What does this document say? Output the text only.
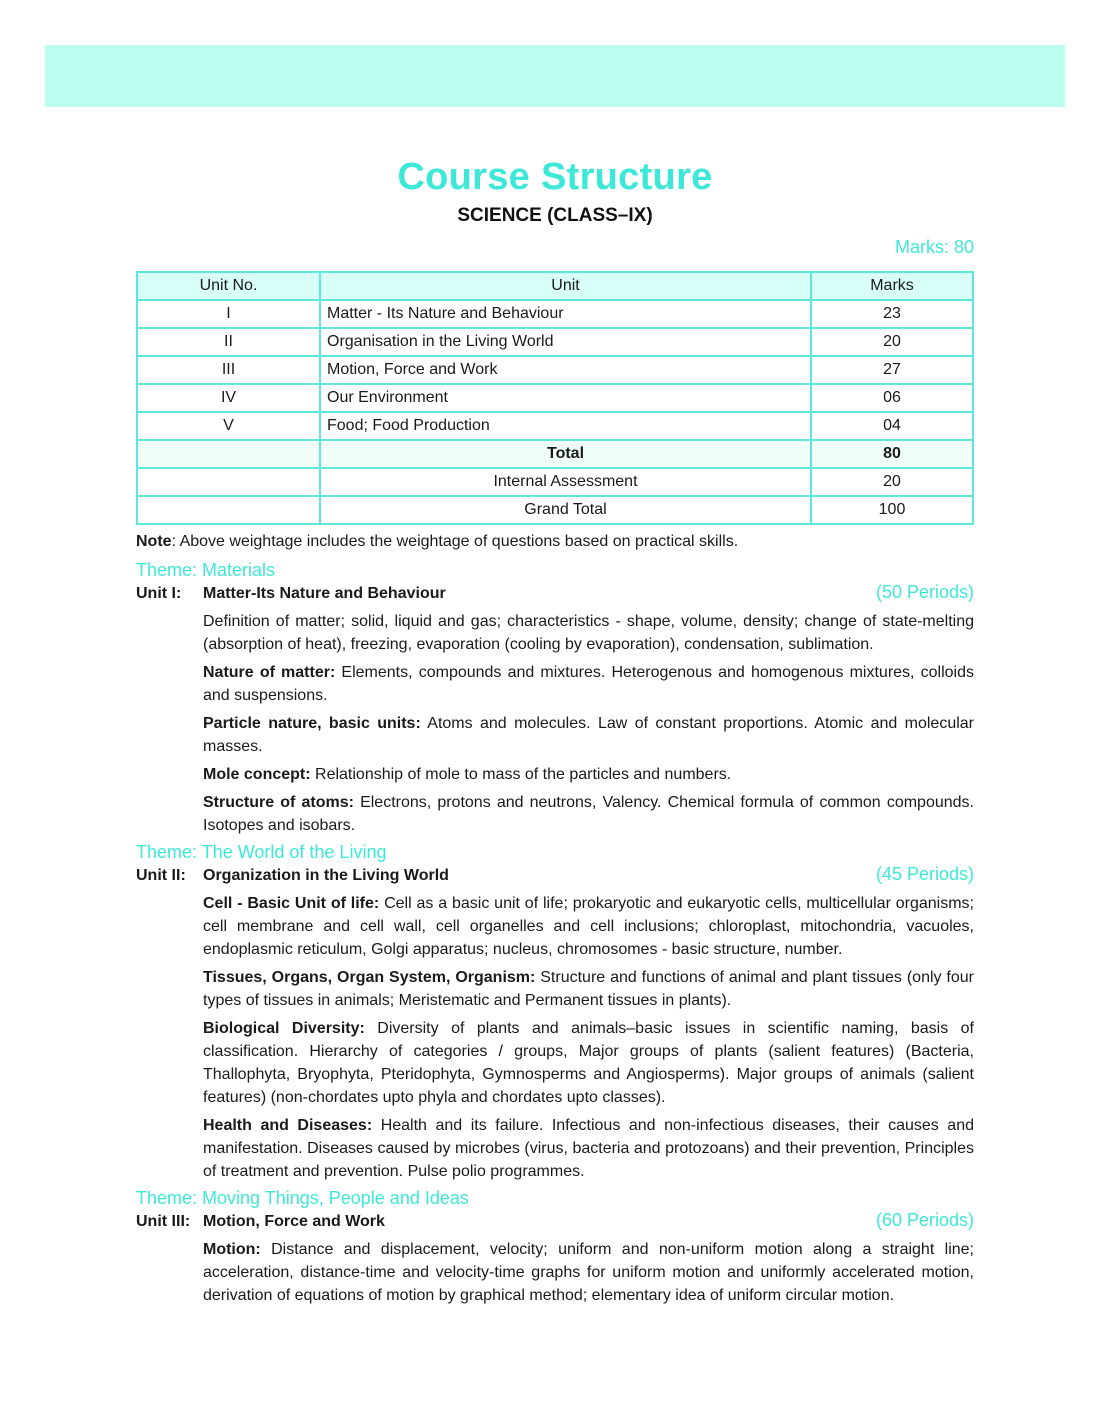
Course Structure
SCIENCE (CLASS–IX)
Marks: 80
Unit No.	Unit	Marks
I	Matter - Its Nature and Behaviour	23
II	Organisation in the Living World	20
III	Motion, Force and Work	27
IV	Our Environment	06
V	Food; Food Production	04
	Total	80
	Internal Assessment	20
	Grand Total	100

Note: Above weightage includes the weightage of questions based on practical skills.

Theme: Materials
Unit I:	Matter-Its Nature and Behaviour	(50 Periods)

Definition of matter; solid, liquid and gas; characteristics - shape, volume, density; change of state-melting (absorption of heat), freezing, evaporation (cooling by evaporation), condensation, sublimation.

Nature of matter: Elements, compounds and mixtures. Heterogenous and homogenous mixtures, colloids and suspensions.

Particle nature, basic units: Atoms and molecules. Law of constant proportions. Atomic and molecular masses.

Mole concept: Relationship of mole to mass of the particles and numbers.

Structure of atoms: Electrons, protons and neutrons, Valency. Chemical formula of common compounds. Isotopes and isobars.

Theme: The World of the Living
Unit II:	Organization in the Living World	(45 Periods)

Cell - Basic Unit of life: Cell as a basic unit of life; prokaryotic and eukaryotic cells, multicellular organisms; cell membrane and cell wall, cell organelles and cell inclusions; chloroplast, mitochondria, vacuoles, endoplasmic reticulum, Golgi apparatus; nucleus, chromosomes - basic structure, number.

Tissues, Organs, Organ System, Organism: Structure and functions of animal and plant tissues (only four types of tissues in animals; Meristematic and Permanent tissues in plants).

Biological Diversity: Diversity of plants and animals–basic issues in scientific naming, basis of classification. Hierarchy of categories / groups, Major groups of plants (salient features) (Bacteria, Thallophyta, Bryophyta, Pteridophyta, Gymnosperms and Angiosperms). Major groups of animals (salient features) (non-chordates upto phyla and chordates upto classes).

Health and Diseases: Health and its failure. Infectious and non-infectious diseases, their causes and manifestation. Diseases caused by microbes (virus, bacteria and protozoans) and their prevention, Principles of treatment and prevention. Pulse polio programmes.

Theme: Moving Things, People and Ideas
Unit III: Motion, Force and Work	(60 Periods)

Motion: Distance and displacement, velocity; uniform and non-uniform motion along a straight line; acceleration, distance-time and velocity-time graphs for uniform motion and uniformly accelerated motion, derivation of equations of motion by graphical method; elementary idea of uniform circular motion.
